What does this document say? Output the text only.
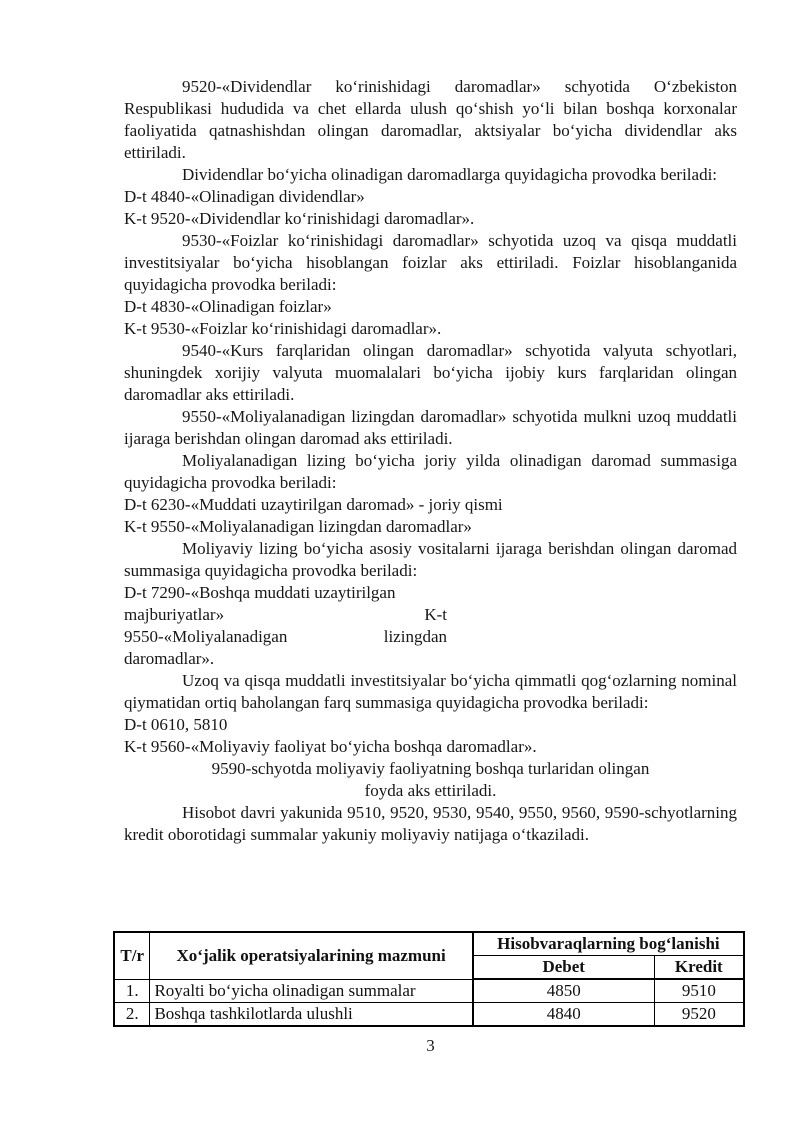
9520-«Dividendlar ko‘rinishidagi daromadlar» schyotida O‘zbekiston Respublikasi hududida va chet ellarda ulush qo‘shish yo‘li bilan boshqa korxonalar faoliyatida qatnashishdan olingan daromadlar, aktsiyalar bo‘yicha dividendlar aks ettiriladi.

Dividendlar bo‘yicha olinadigan daromadlarga quyidagicha provodka beriladi:

D-t 4840-«Olinadigan dividendlar»

K-t 9520-«Dividendlar ko‘rinishidagi daromadlar».

9530-«Foizlar ko‘rinishidagi daromadlar» schyotida uzoq va qisqa muddatli investitsiyalar bo‘yicha hisoblangan foizlar aks ettiriladi. Foizlar hisoblanganida quyidagicha provodka beriladi:

D-t 4830-«Olinadigan foizlar»

K-t 9530-«Foizlar ko‘rinishidagi daromadlar».

9540-«Kurs farqlaridan olingan daromadlar» schyotida valyuta schyotlari, shuningdek xorijiy valyuta muomalalari bo‘yicha ijobiy kurs farqlaridan olingan daromadlar aks ettiriladi.

9550-«Moliyalanadigan lizingdan daromadlar» schyotida mulkni uzoq muddatli ijaraga berishdan olingan daromad aks ettiriladi.

Moliyalanadigan lizing bo‘yicha joriy yilda olinadigan daromad summasiga quyidagicha provodka beriladi:

D-t 6230-«Muddati uzaytirilgan daromad» - joriy qismi

K-t 9550-«Moliyalanadigan lizingdan daromadlar»

Moliyaviy lizing bo‘yicha asosiy vositalarni ijaraga berishdan olingan daromad summasiga quyidagicha provodka beriladi:

D-t 7290-«Boshqa muddati uzaytirilgan
majburiyatlar»	K-t
9550-«Moliyalanadigan	lizingdan
daromadlar».

Uzoq va qisqa muddatli investitsiyalar bo‘yicha qimmatli qog‘ozlarning nominal qiymatidan ortiq baholangan farq summasiga quyidagicha provodka beriladi:

D-t 0610, 5810

K-t 9560-«Moliyaviy faoliyat bo‘yicha boshqa daromadlar».

9590-schyotda moliyaviy faoliyatning boshqa turlaridan olingan
foyda aks ettiriladi.

Hisobot davri yakunida 9510, 9520, 9530, 9540, 9550, 9560, 9590-schyotlarning kredit oborotidagi summalar yakuniy moliyaviy natijaga o‘tkaziladi.

T/r	Xo‘jalik operatsiyalarining mazmuni	Hisobvaraqlarning bog‘lanishi	
		Debet	Kredit
1.	Royalti bo‘yicha olinadigan summalar	4850	9510
2.	Boshqa tashkilotlarda ulushli	4840	9520
3
